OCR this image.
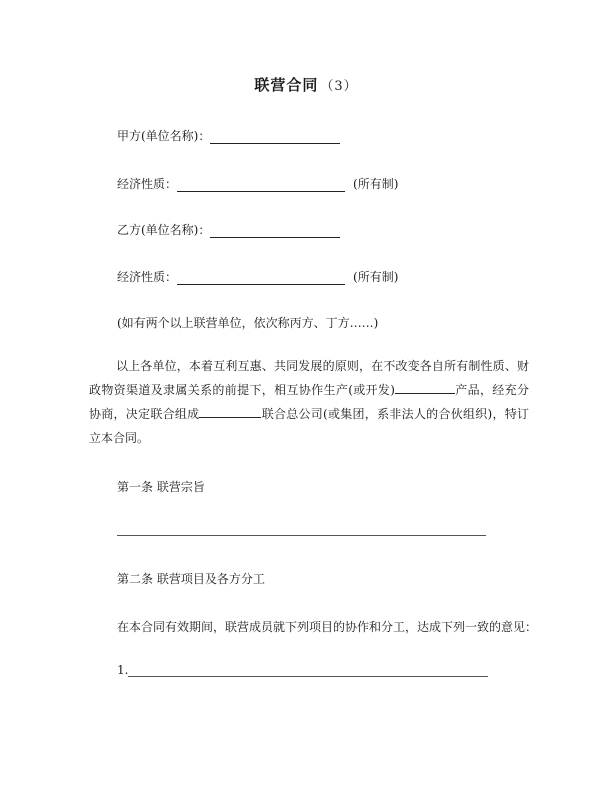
联营合同 （3）
甲方(单位名称)：
经济性质：	(所有制)
乙方(单位名称)：
经济性质：	(所有制)
(如有两个以上联营单位，依次称丙方、丁方……)
以上各单位，本着互利互惠、共同发展的原则，在不改变各自所有制性质、财政物资渠道及隶属关系的前提下，相互协作生产(或开发)	产品，经充分协商，决定联合组成	联合总公司(或集团，系非法人的合伙组织)，特订立本合同。
第一条 联营宗旨
第二条 联营项目及各方分工
在本合同有效期间，联营成员就下列项目的协作和分工，达成下列一致的意见：
1.
